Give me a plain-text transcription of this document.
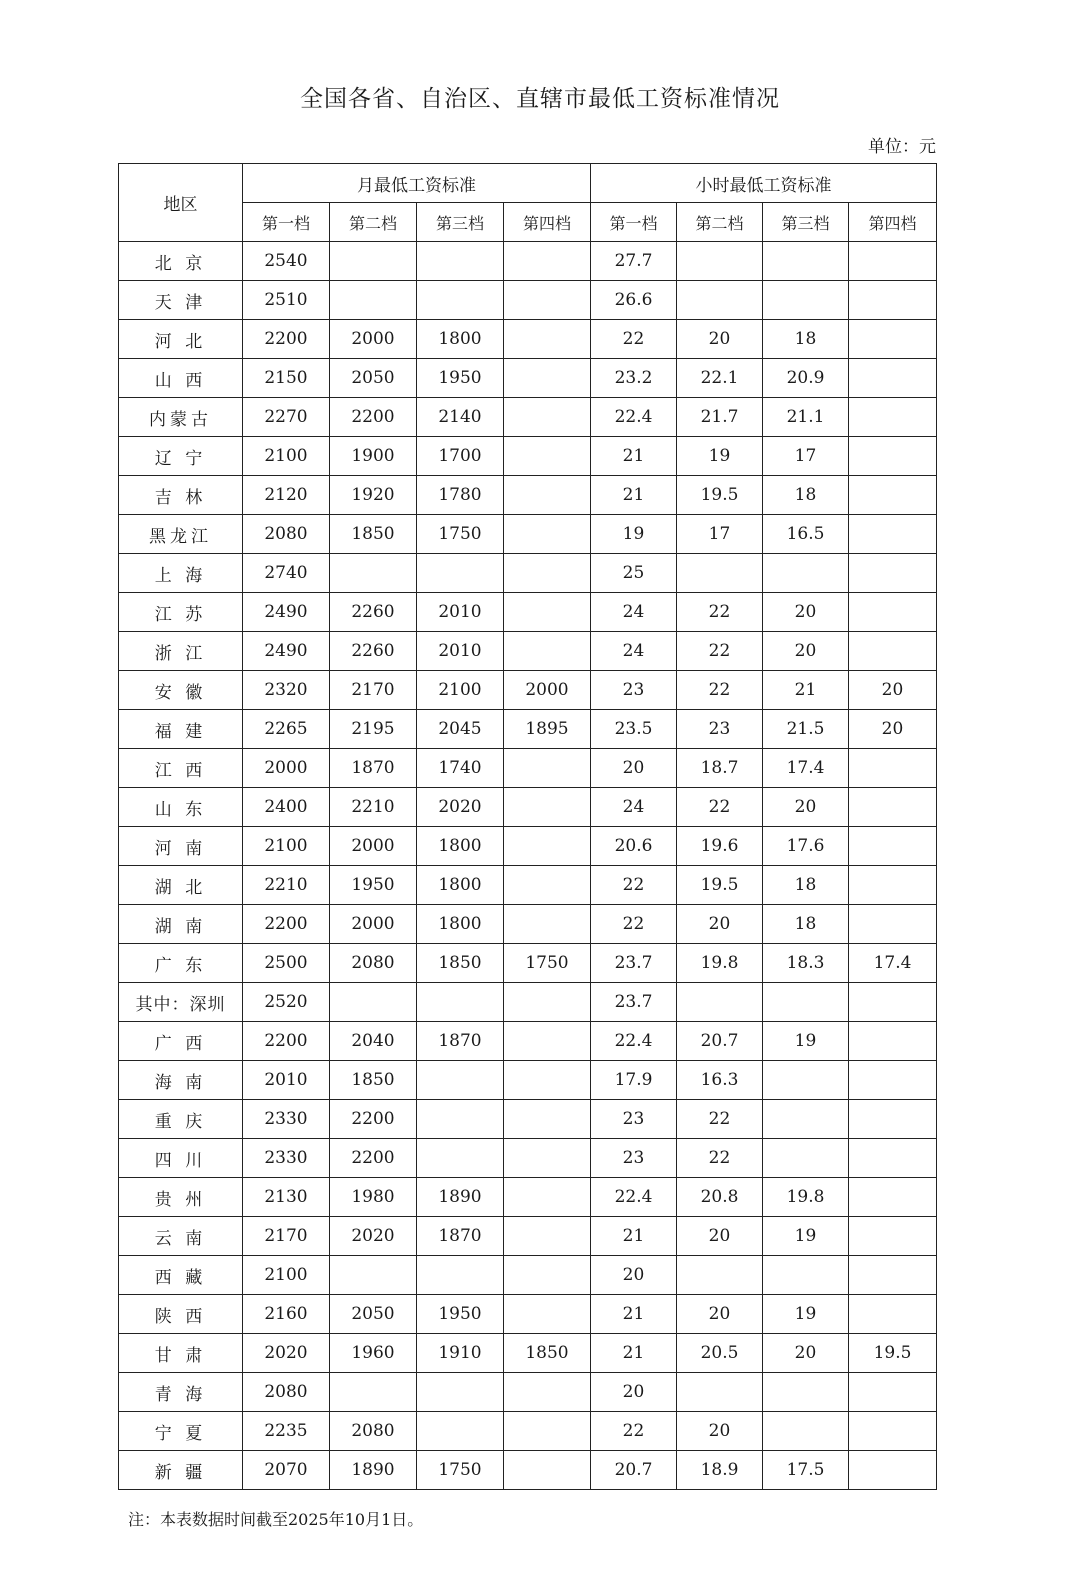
全国各省、自治区、直辖市最低工资标准情况
单位：元
地区	月最低工资标准				小时最低工资标准			
	第一档	第二档	第三档	第四档	第一档	第二档	第三档	第四档
北 京	2540				27.7			
天 津	2510				26.6			
河 北	2200	2000	1800		22	20	18	
山 西	2150	2050	1950		23.2	22.1	20.9	
内蒙古	2270	2200	2140		22.4	21.7	21.1	
辽 宁	2100	1900	1700		21	19	17	
吉 林	2120	1920	1780		21	19.5	18	
黑龙江	2080	1850	1750		19	17	16.5	
上 海	2740				25			
江 苏	2490	2260	2010		24	22	20	
浙 江	2490	2260	2010		24	22	20	
安 徽	2320	2170	2100	2000	23	22	21	20
福 建	2265	2195	2045	1895	23.5	23	21.5	20
江 西	2000	1870	1740		20	18.7	17.4	
山 东	2400	2210	2020		24	22	20	
河 南	2100	2000	1800		20.6	19.6	17.6	
湖 北	2210	1950	1800		22	19.5	18	
湖 南	2200	2000	1800		22	20	18	
广 东	2500	2080	1850	1750	23.7	19.8	18.3	17.4
其中：深圳	2520				23.7			
广 西	2200	2040	1870		22.4	20.7	19	
海 南	2010	1850			17.9	16.3		
重 庆	2330	2200			23	22		
四 川	2330	2200			23	22		
贵 州	2130	1980	1890		22.4	20.8	19.8	
云 南	2170	2020	1870		21	20	19	
西 藏	2100				20			
陕 西	2160	2050	1950		21	20	19	
甘 肃	2020	1960	1910	1850	21	20.5	20	19.5
青 海	2080				20			
宁 夏	2235	2080			22	20		
新 疆	2070	1890	1750		20.7	18.9	17.5	
注：本表数据时间截至2025年10月1日。
